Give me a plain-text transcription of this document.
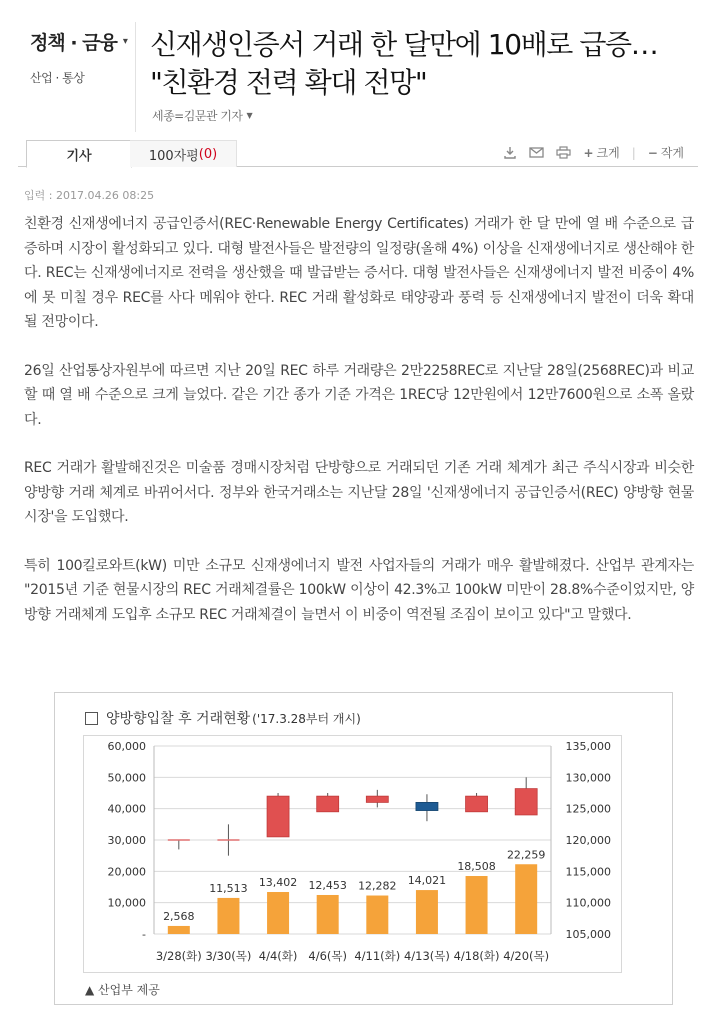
정책 · 금융 ▾
산업 · 통상
신재생인증서 거래 한 달만에 10배로 급증…
"친환경 전력 확대 전망"
세종=김문관 기자 ▼
기사	100자평 (0)	+ 크게 | − 작게
입력 : 2017.04.26 08:25

친환경 신재생에너지 공급인증서(REC·Renewable Energy Certificates) 거래가 한 달 만에 열 배 수준으로 급증하며 시장이 활성화되고 있다. 대형 발전사들은 발전량의 일정량(올해 4%) 이상을 신재생에너지로 생산해야 한다. REC는 신재생에너지로 전력을 생산했을 때 발급받는 증서다. 대형 발전사들은 신재생에너지 발전 비중이 4%에 못 미칠 경우 REC를 사다 메워야 한다. REC 거래 활성화로 태양광과 풍력 등 신재생에너지 발전이 더욱 확대될 전망이다.

26일 산업통상자원부에 따르면 지난 20일 REC 하루 거래량은 2만2258REC로 지난달 28일(2568REC)과 비교할 때 열 배 수준으로 크게 늘었다. 같은 기간 종가 기준 가격은 1REC당 12만원에서 12만7600원으로 소폭 올랐다.

REC 거래가 활발해진것은 미술품 경매시장처럼 단방향으로 거래되던 기존 거래 체계가 최근 주식시장과 비슷한 양방향 거래 체계로 바뀌어서다. 정부와 한국거래소는 지난달 28일 '신재생에너지 공급인증서(REC) 양방향 현물시장'을 도입했다.

특히 100킬로와트(kW) 미만 소규모 신재생에너지 발전 사업자들의 거래가 매우 활발해졌다. 산업부 관계자는 "2015년 기준 현물시장의 REC 거래체결률은 100kW 이상이 42.3%고 100kW 미만이 28.8%수준이었지만, 양방향 거래체계 도입후 소규모 REC 거래체결이 늘면서 이 비중이 역전될 조짐이 보이고 있다"고 말했다.

양방향입찰 후 거래현황 ('17.3.28부터 개시)
60,000	135,000
50,000	130,000
40,000	125,000
30,000	120,000
20,000	115,000
10,000	110,000
-	105,000
2,568
3/28(화)
11,513
3/30(목)
13,402
4/4(화)
12,453
4/6(목)
12,282
4/11(화)
14,021
4/13(목)
18,508
4/18(화)
22,259
4/20(목)
▲ 산업부 제공
